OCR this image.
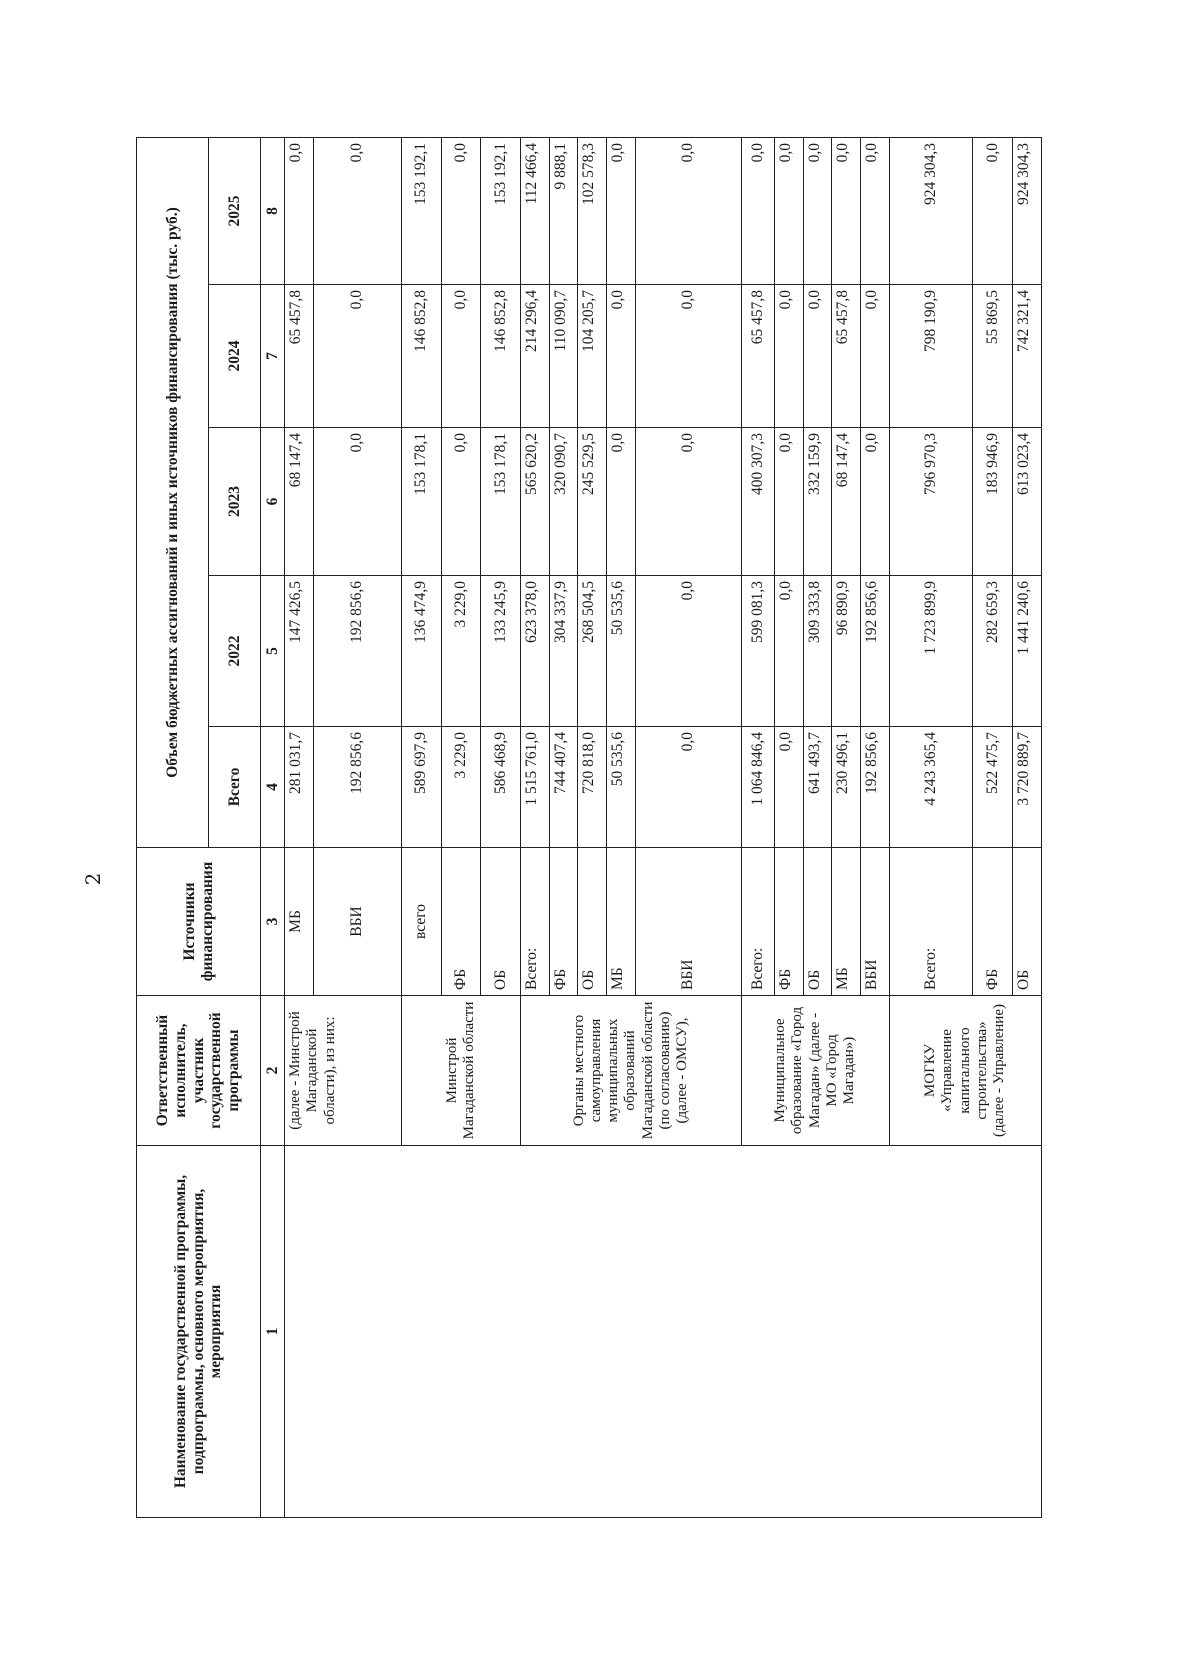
2
Наименование государственной программы, подпрограммы, основного мероприятия, мероприятия	Ответственный исполнитель, участник государственной программы	Источники финансирования	Объем бюджетных ассигнований и иных источников финансирования (тыс. руб.)				
			Всего	2022	2023	2024	2025
1	2	3	4	5	6	7	8
	(далее - Минстрой Магаданской области), из них:	МБ	281 031,7	147 426,5	68 147,4	65 457,8	0,0
		ВБИ	192 856,6	192 856,6	0,0	0,0	0,0
	Минстрой Магаданской области	всего	589 697,9	136 474,9	153 178,1	146 852,8	153 192,1
		ФБ	3 229,0	3 229,0	0,0	0,0	0,0
		ОБ	586 468,9	133 245,9	153 178,1	146 852,8	153 192,1
	Органы местного самоуправления муниципальных образований Магаданской области (по согласованию) (далее - ОМСУ),	Всего:	1 515 761,0	623 378,0	565 620,2	214 296,4	112 466,4
		ФБ	744 407,4	304 337,9	320 090,7	110 090,7	9 888,1
		ОБ	720 818,0	268 504,5	245 529,5	104 205,7	102 578,3
		МБ	50 535,6	50 535,6	0,0	0,0	0,0
		ВБИ	0,0	0,0	0,0	0,0	0,0
	Муниципальное образование «Город Магадан» (далее - МО «Город Магадан»)	Всего:	1 064 846,4	599 081,3	400 307,3	65 457,8	0,0
		ФБ	0,0	0,0	0,0	0,0	0,0
		ОБ	641 493,7	309 333,8	332 159,9	0,0	0,0
		МБ	230 496,1	96 890,9	68 147,4	65 457,8	0,0
		ВБИ	192 856,6	192 856,6	0,0	0,0	0,0
	МОГКУ «Управление капитального строительства» (далее - Управление)	Всего:	4 243 365,4	1 723 899,9	796 970,3	798 190,9	924 304,3
		ФБ	522 475,7	282 659,3	183 946,9	55 869,5	0,0
		ОБ	3 720 889,7	1 441 240,6	613 023,4	742 321,4	924 304,3
